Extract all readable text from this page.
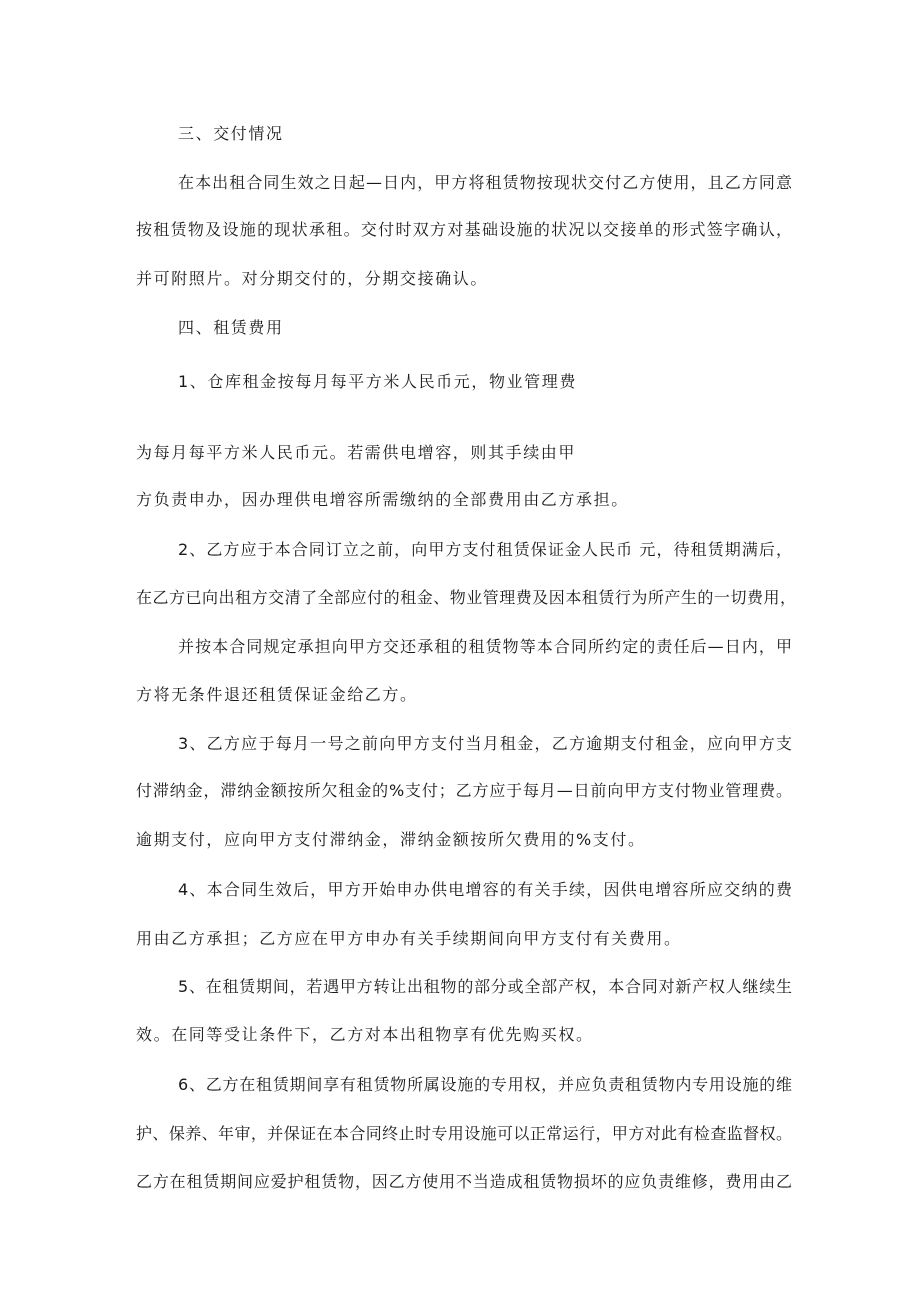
三、交付情况
在本出租合同生效之日起—日内，甲方将租赁物按现状交付乙方使用，且乙方同意
按租赁物及设施的现状承租。交付时双方对基础设施的状况以交接单的形式签字确认，
并可附照片。对分期交付的，分期交接确认。
四、租赁费用
1、仓库租金按每月每平方米人民币元，物业管理费
为每月每平方米人民币元。若需供电增容，则其手续由甲
方负责申办，因办理供电增容所需缴纳的全部费用由乙方承担。
2、乙方应于本合同订立之前，向甲方支付租赁保证金人民币 元，待租赁期满后，
在乙方已向出租方交清了全部应付的租金、物业管理费及因本租赁行为所产生的一切费用，
并按本合同规定承担向甲方交还承租的租赁物等本合同所约定的责任后—日内，甲
方将无条件退还租赁保证金给乙方。
3、乙方应于每月一号之前向甲方支付当月租金，乙方逾期支付租金，应向甲方支
付滞纳金，滞纳金额按所欠租金的%支付；乙方应于每月—日前向甲方支付物业管理费。
逾期支付，应向甲方支付滞纳金，滞纳金额按所欠费用的%支付。
4、本合同生效后，甲方开始申办供电增容的有关手续，因供电增容所应交纳的费
用由乙方承担；乙方应在甲方申办有关手续期间向甲方支付有关费用。
5、在租赁期间，若遇甲方转让出租物的部分或全部产权，本合同对新产权人继续生
效。在同等受让条件下，乙方对本出租物享有优先购买权。
6、乙方在租赁期间享有租赁物所属设施的专用权，并应负责租赁物内专用设施的维
护、保养、年审，并保证在本合同终止时专用设施可以正常运行，甲方对此有检查监督权。
乙方在租赁期间应爱护租赁物，因乙方使用不当造成租赁物损坏的应负责维修，费用由乙
